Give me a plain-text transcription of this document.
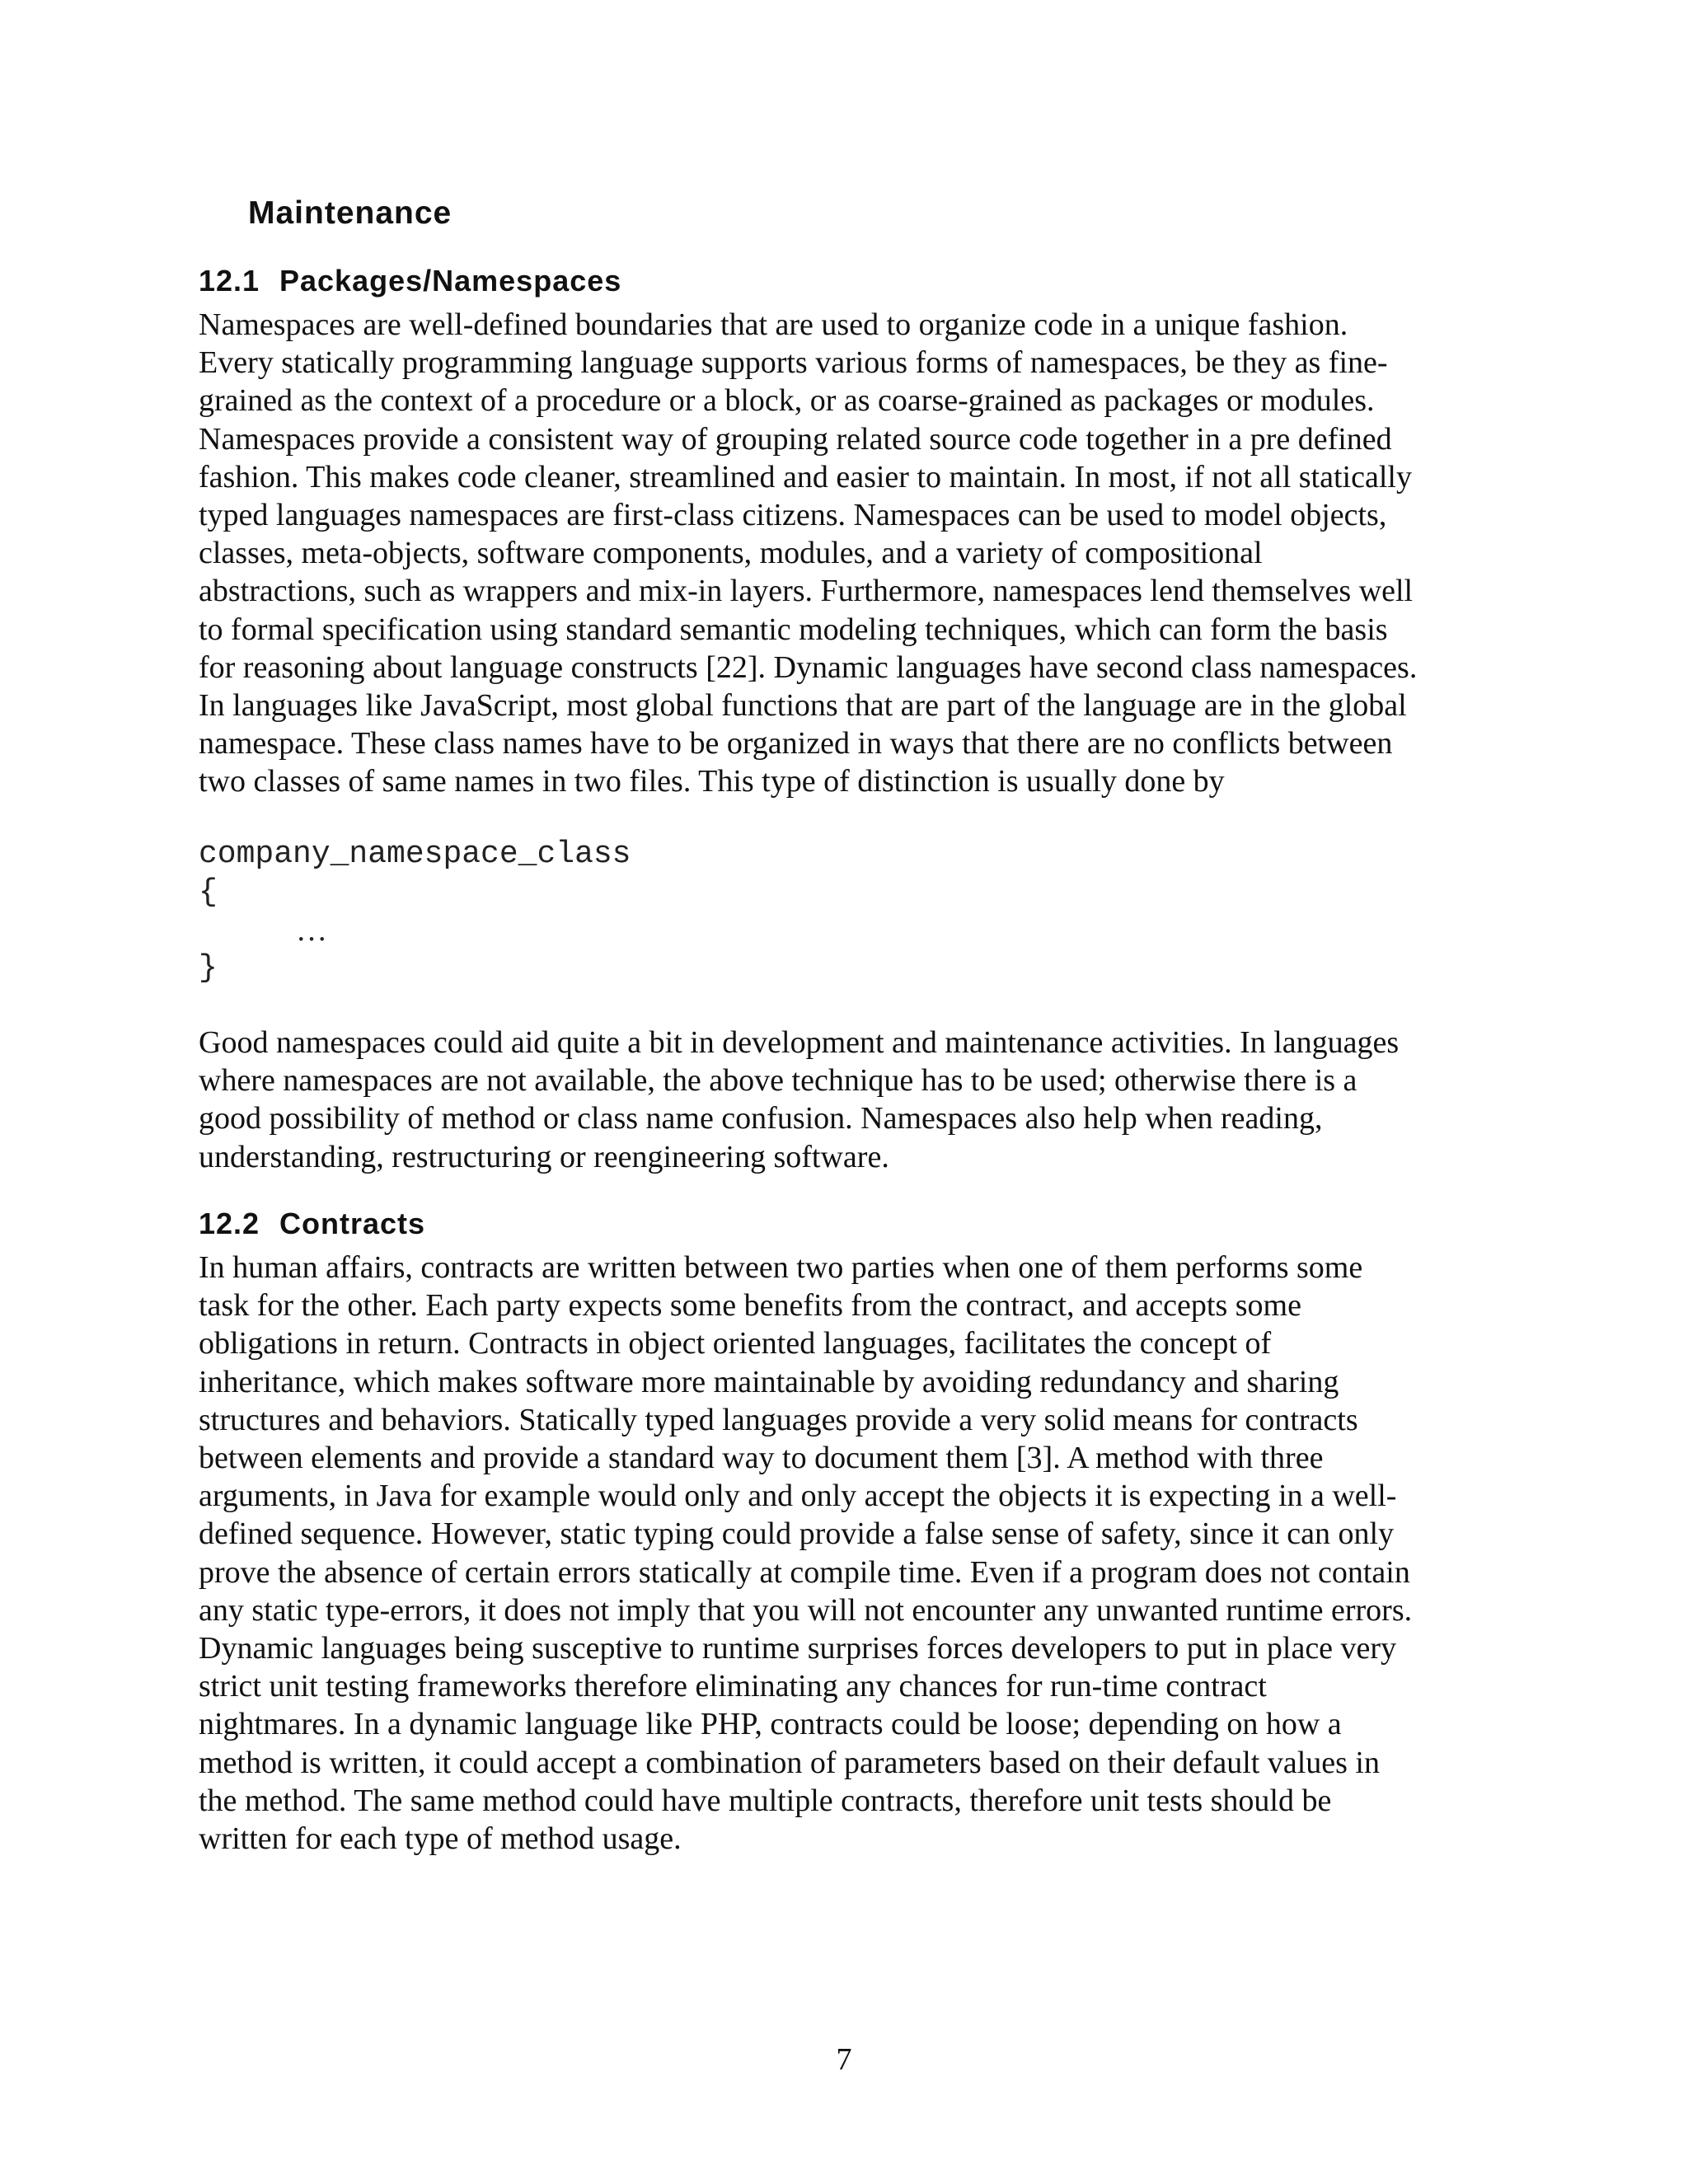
Maintenance
12.1 Packages/Namespaces
Namespaces are well-defined boundaries that are used to organize code in a unique fashion.
Every statically programming language supports various forms of namespaces, be they as fine-
grained as the context of a procedure or a block, or as coarse-grained as packages or modules.
Namespaces provide a consistent way of grouping related source code together in a pre defined
fashion. This makes code cleaner, streamlined and easier to maintain. In most, if not all statically
typed languages namespaces are first-class citizens. Namespaces can be used to model objects,
classes, meta-objects, software components, modules, and a variety of compositional
abstractions, such as wrappers and mix-in layers. Furthermore, namespaces lend themselves well
to formal specification using standard semantic modeling techniques, which can form the basis
for reasoning about language constructs [22]. Dynamic languages have second class namespaces.
In languages like JavaScript, most global functions that are part of the language are in the global
namespace. These class names have to be organized in ways that there are no conflicts between
two classes of same names in two files. This type of distinction is usually done by
company_namespace_class
{
…
}
Good namespaces could aid quite a bit in development and maintenance activities. In languages
where namespaces are not available, the above technique has to be used; otherwise there is a
good possibility of method or class name confusion. Namespaces also help when reading,
understanding, restructuring or reengineering software.
12.2 Contracts
In human affairs, contracts are written between two parties when one of them performs some
task for the other. Each party expects some benefits from the contract, and accepts some
obligations in return. Contracts in object oriented languages, facilitates the concept of
inheritance, which makes software more maintainable by avoiding redundancy and sharing
structures and behaviors. Statically typed languages provide a very solid means for contracts
between elements and provide a standard way to document them [3]. A method with three
arguments, in Java for example would only and only accept the objects it is expecting in a well-
defined sequence. However, static typing could provide a false sense of safety, since it can only
prove the absence of certain errors statically at compile time. Even if a program does not contain
any static type-errors, it does not imply that you will not encounter any unwanted runtime errors.
Dynamic languages being susceptive to runtime surprises forces developers to put in place very
strict unit testing frameworks therefore eliminating any chances for run-time contract
nightmares. In a dynamic language like PHP, contracts could be loose; depending on how a
method is written, it could accept a combination of parameters based on their default values in
the method. The same method could have multiple contracts, therefore unit tests should be
written for each type of method usage.
7
